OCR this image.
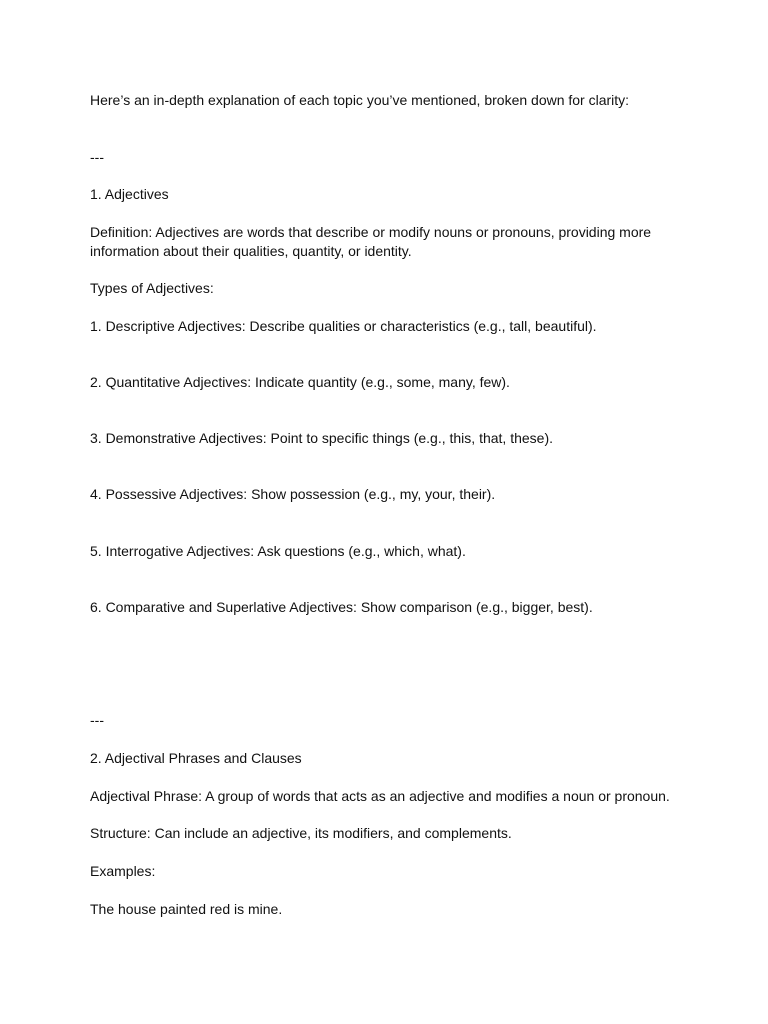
Here’s an in-depth explanation of each topic you’ve mentioned, broken down for clarity:
---
1. Adjectives
Definition: Adjectives are words that describe or modify nouns or pronouns, providing more information about their qualities, quantity, or identity.
Types of Adjectives:
1. Descriptive Adjectives: Describe qualities or characteristics (e.g., tall, beautiful).
2. Quantitative Adjectives: Indicate quantity (e.g., some, many, few).
3. Demonstrative Adjectives: Point to specific things (e.g., this, that, these).
4. Possessive Adjectives: Show possession (e.g., my, your, their).
5. Interrogative Adjectives: Ask questions (e.g., which, what).
6. Comparative and Superlative Adjectives: Show comparison (e.g., bigger, best).
---
2. Adjectival Phrases and Clauses
Adjectival Phrase: A group of words that acts as an adjective and modifies a noun or pronoun.
Structure: Can include an adjective, its modifiers, and complements.
Examples:
The house painted red is mine.
